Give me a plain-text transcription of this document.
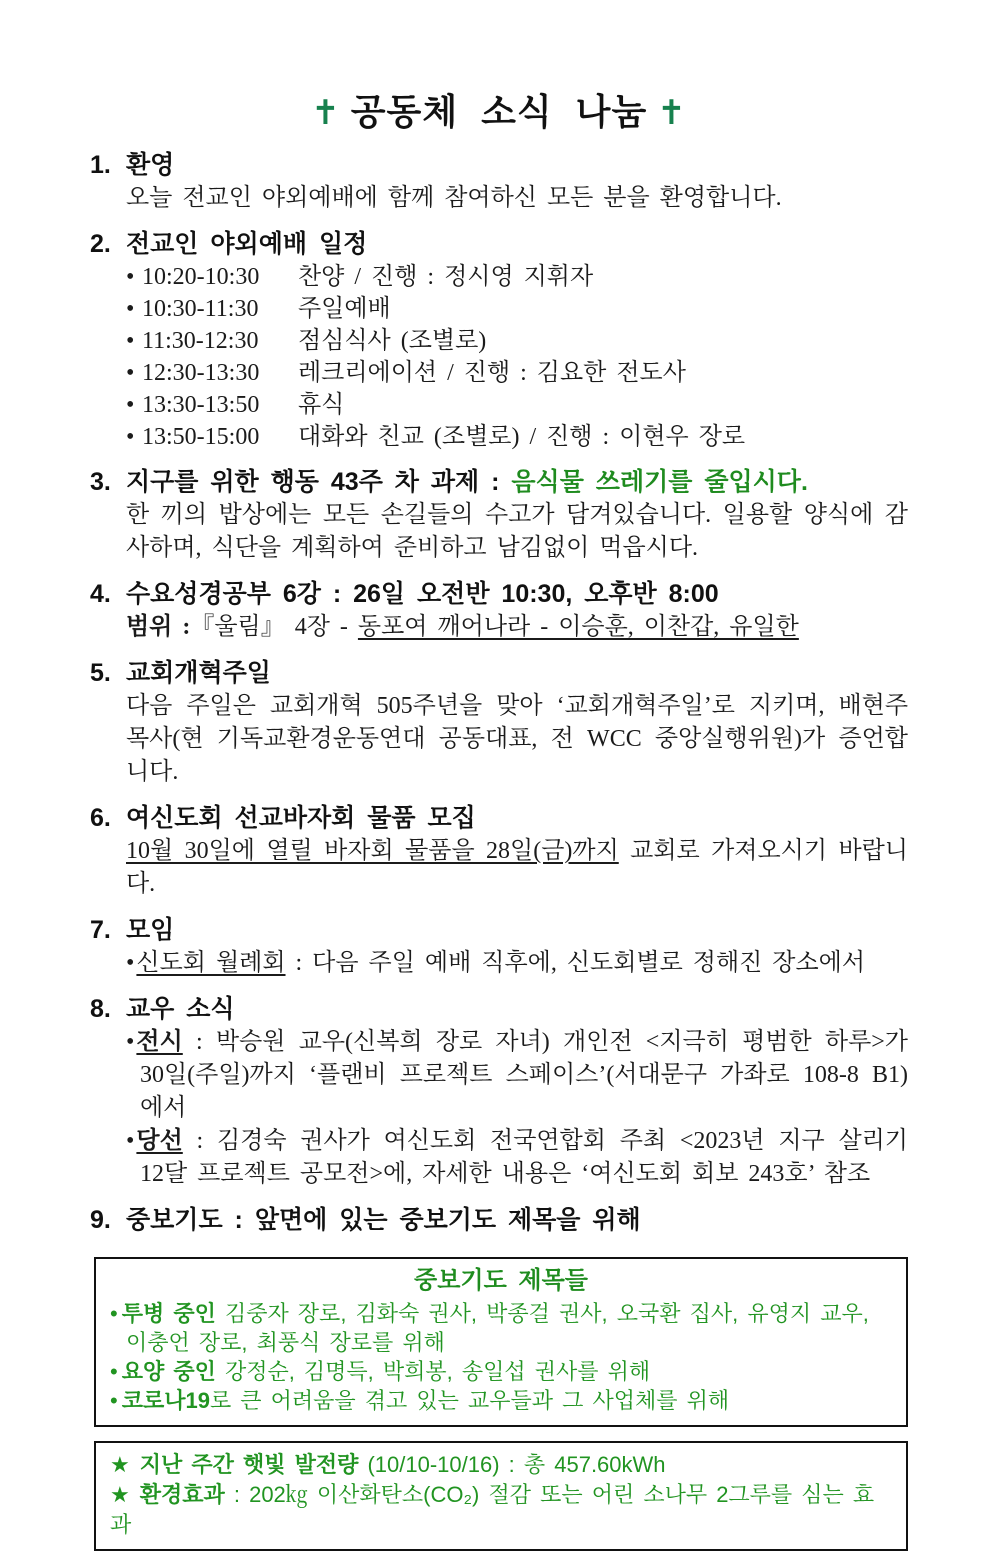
✝ 공동체 소식 나눔 ✝
1. 환영
오늘 전교인 야외예배에 함께 참여하신 모든 분을 환영합니다.
2. 전교인 야외예배 일정
• 10:20-10:30	찬양 / 진행 : 정시영 지휘자
• 10:30-11:30	주일예배
• 11:30-12:30	점심식사 (조별로)
• 12:30-13:30	레크리에이션 / 진행 : 김요한 전도사
• 13:30-13:50	휴식
• 13:50-15:00	대화와 친교 (조별로) / 진행 : 이현우 장로
3. 지구를 위한 행동 43주 차 과제 : 음식물 쓰레기를 줄입시다.
한 끼의 밥상에는 모든 손길들의 수고가 담겨있습니다. 일용할 양식에 감사하며, 식단을 계획하여 준비하고 남김없이 먹읍시다.
4. 수요성경공부 6강 : 26일 오전반 10:30, 오후반 8:00
범위 :『울림』 4장 - 동포여 깨어나라 - 이승훈, 이찬갑, 유일한
5. 교회개혁주일
다음 주일은 교회개혁 505주년을 맞아 ‘교회개혁주일’로 지키며, 배현주 목사(현 기독교환경운동연대 공동대표, 전 WCC 중앙실행위원)가 증언합니다.
6. 여신도회 선교바자회 물품 모집
10월 30일에 열릴 바자회 물품을 28일(금)까지 교회로 가져오시기 바랍니다.
7. 모임
•신도회 월례회 : 다음 주일 예배 직후에, 신도회별로 정해진 장소에서
8. 교우 소식
•전시 : 박승원 교우(신복희 장로 자녀) 개인전 <지극히 평범한 하루>가 30일(주일)까지 ‘플랜비 프로젝트 스페이스’(서대문구 가좌로 108-8 B1)에서
•당선 : 김경숙 권사가 여신도회 전국연합회 주최 <2023년 지구 살리기 12달 프로젝트 공모전>에, 자세한 내용은 ‘여신도회 회보 243호’ 참조
9. 중보기도 : 앞면에 있는 중보기도 제목을 위해
중보기도 제목들
• 투병 중인 김중자 장로, 김화숙 권사, 박종걸 권사, 오국환 집사, 유영지 교우, 이충언 장로, 최풍식 장로를 위해
• 요양 중인 강정순, 김명득, 박희봉, 송일섭 권사를 위해
• 코로나19로 큰 어려움을 겪고 있는 교우들과 그 사업체를 위해
★ 지난 주간 햇빛 발전량 (10/10-10/16) : 총 457.60kWh
★ 환경효과 : 202㎏ 이산화탄소(CO₂) 절감 또는 어린 소나무 2그루를 심는 효과
